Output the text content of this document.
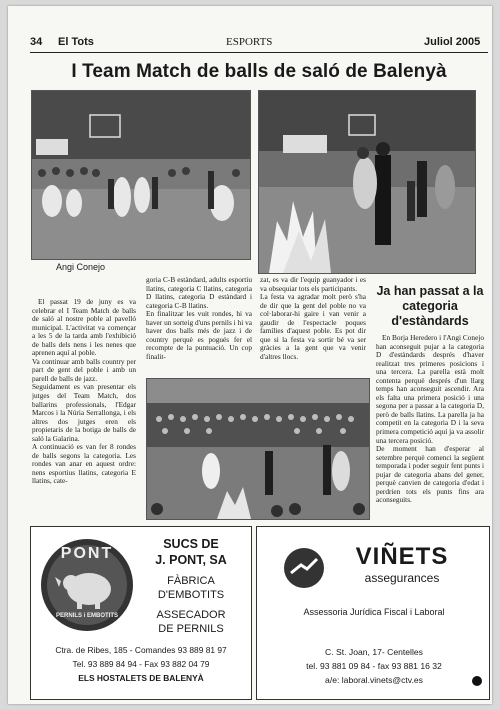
34 El Tots	ESPORTS	Juliol 2005
I Team Match de balls de saló de Balenyà
Angi Conejo
El passat 19 de juny es va celebrar el I Team Match de balls de saló al nostre poble al pavelló municipal. L'activitat va començar a les 5 de la tarda amb l'exhibició de balls dels nens i les nenes que aprenen aquí al poble.
Va continuar amb balls country per part de gent del poble i amb un parell de balls de jazz.
Seguidament es van presentar els jutges del Team Match, dos ballarins professionals, l'Edgar Marcos i la Núria Serrallonga, i els altres dos jutges eren els propietaris de la botiga de balls de saló la Galarina.
A continuació es van fer 8 rondes de balls segons la categoria. Les rondes van anar en aquest ordre: nens esportius llatins, categoria E llatins, cate-
goria C-B estàndard, adults esportiu llatins, categoria C llatins, categoria D llatins, categoria D estàndard i categoria C-B llatins.
En finalitzar les vuit rondes, hi va haver un sorteig d'uns pernils i hi va haver dos balls més de jazz i de country perquè es pogués fer el recompte de la puntuació. Un cop finalit-
zat, es va dir l'equip guanyador i es va obsequiar tots els participants.
La festa va agradar molt però s'ha de dir que la gent del poble no va col·laborar-hi gaire i van venir a gaudir de l'espectacle poques famílies d'aquest poble. Es pot dir que si la festa va sortir bé va ser gràcies a la gent que va venir d'altres llocs.
Ja han passat a la categoria d'estàndards
En Borja Heredero i l'Angi Conejo han aconseguit pujar a la categoria D d'estàndards després d'haver realitzat tres primeres posicions i una tercera. La parella està molt contenta perquè després d'un llarg temps han aconseguit ascendir. Ara els falta una primera posició i una segona per a passar a la categoria D, però de balls llatins. La parella ja ha competit en la categoria D i la seva primera competició aquí ja va assolir una tercera posició.
De moment han d'esperar al setembre perquè comenci la següent temporada i poder seguir fent punts i pujar de categoria abans del gener, perquè canvien de categoria d'edat i perdrien tots els punts fins ara aconseguits.
PONT
PERNILS i EMBOTITS
SUCS DE
J. PONT, SA
FÀBRICA
D'EMBOTITS
ASSECADOR
DE PERNILS
Ctra. de Ribes, 185 - Comandes 93 889 81 97
Tel. 93 889 84 94 - Fax 93 882 04 79
ELS HOSTALETS DE BALENYÀ
VIÑETS
assegurances
Assessoria Jurídica Fiscal i Laboral
C. St. Joan, 17- Centelles
tel. 93 881 09 84 - fax 93 881 16 32
a/e: laboral.vinets@ctv.es
